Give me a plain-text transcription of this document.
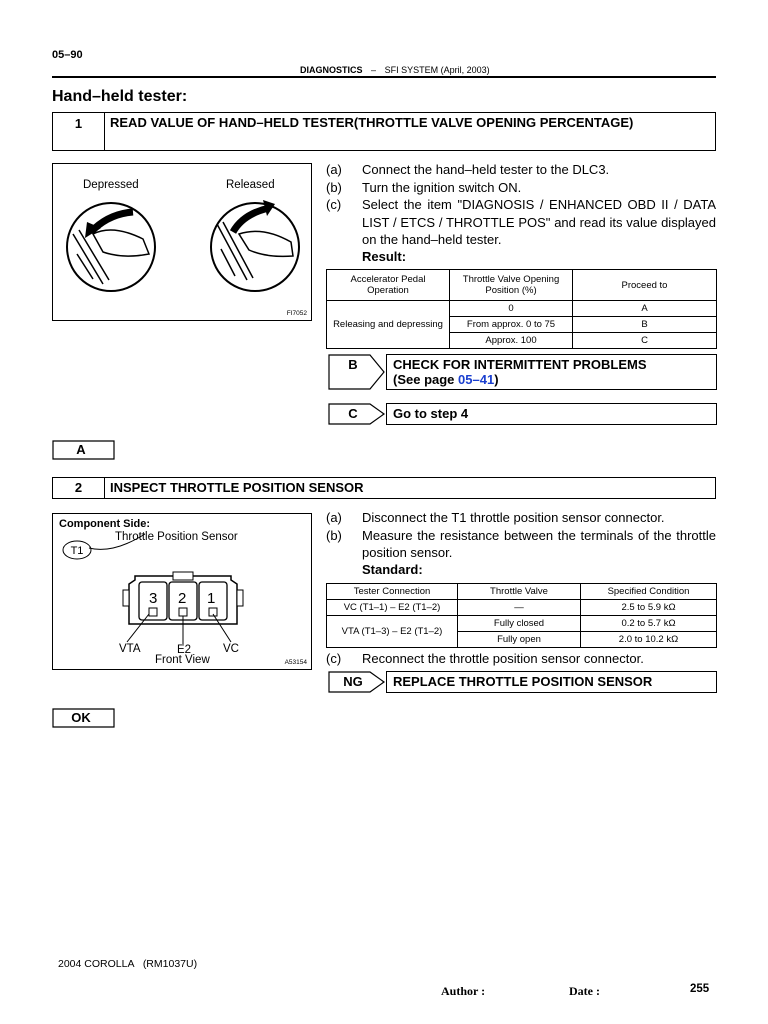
05–90
DIAGNOSTICS – SFI SYSTEM (April, 2003)
Hand–held tester:
1	READ VALUE OF HAND–HELD TESTER(THROTTLE VALVE OPENING PERCENTAGE)
Depressed	Released
FI7052
(a)	Connect the hand–held tester to the DLC3.
(b)	Turn the ignition switch ON.
(c)	Select the item "DIAGNOSIS / ENHANCED OBD II / DATA LIST / ETCS / THROTTLE POS" and read its value displayed on the hand–held tester.
Result:
Accelerator Pedal Operation	Throttle Valve Opening Position (%)	Proceed to
Releasing and depressing	0	A
	From approx. 0 to 75	B
	Approx. 100	C
B	CHECK FOR INTERMITTENT PROBLEMS
(See page 05–41)
C	Go to step 4
A
2	INSPECT THROTTLE POSITION SENSOR
Component Side:
Throttle Position Sensor
T1
3 2 1
VTA	E2	VC
Front View	A53154
(a)	Disconnect the T1 throttle position sensor connector.
(b)	Measure the resistance between the terminals of the throttle position sensor.
Standard:
Tester Connection	Throttle Valve	Specified Condition
VC (T1–1) – E2 (T1–2)	—	2.5 to 5.9 kΩ
VTA (T1–3) – E2 (T1–2)	Fully closed	0.2 to 5.7 kΩ
	Fully open	2.0 to 10.2 kΩ
(c)	Reconnect the throttle position sensor connector.
NG	REPLACE THROTTLE POSITION SENSOR
OK
2004 COROLLA (RM1037U)
Author :	Date :	255
